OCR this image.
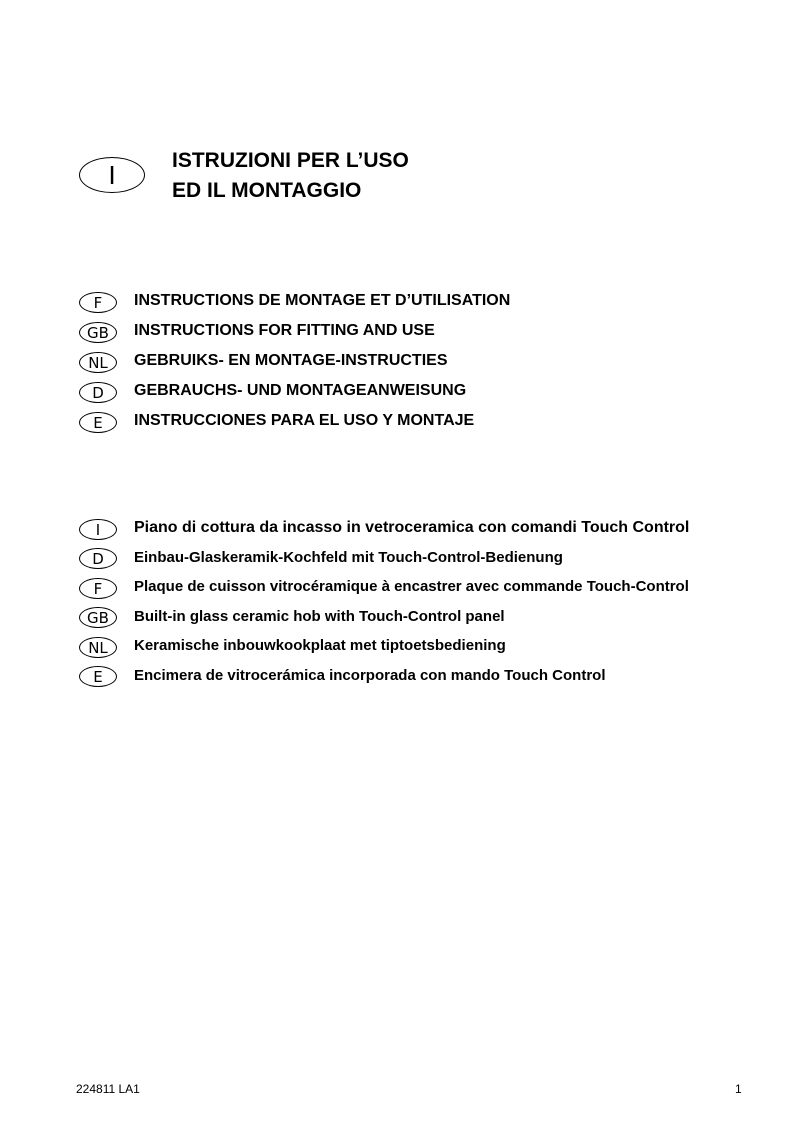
I	ISTRUZIONI PER L’USO
ED IL MONTAGGIO
F	INSTRUCTIONS DE MONTAGE ET D’UTILISATION
GB	INSTRUCTIONS FOR FITTING AND USE
NL	GEBRUIKS- EN MONTAGE-INSTRUCTIES
D	GEBRAUCHS- UND MONTAGEANWEISUNG
E	INSTRUCCIONES PARA EL USO Y MONTAJE
I	Piano di cottura da incasso in vetroceramica con comandi Touch Control
D	Einbau-Glaskeramik-Kochfeld mit Touch-Control-Bedienung
F	Plaque de cuisson vitrocéramique à encastrer avec commande Touch-Control
GB	Built-in glass ceramic hob with Touch-Control panel
NL	Keramische inbouwkookplaat met tiptoetsbediening
E	Encimera de vitrocerámica incorporada con mando Touch Control
224811 LA1	1
